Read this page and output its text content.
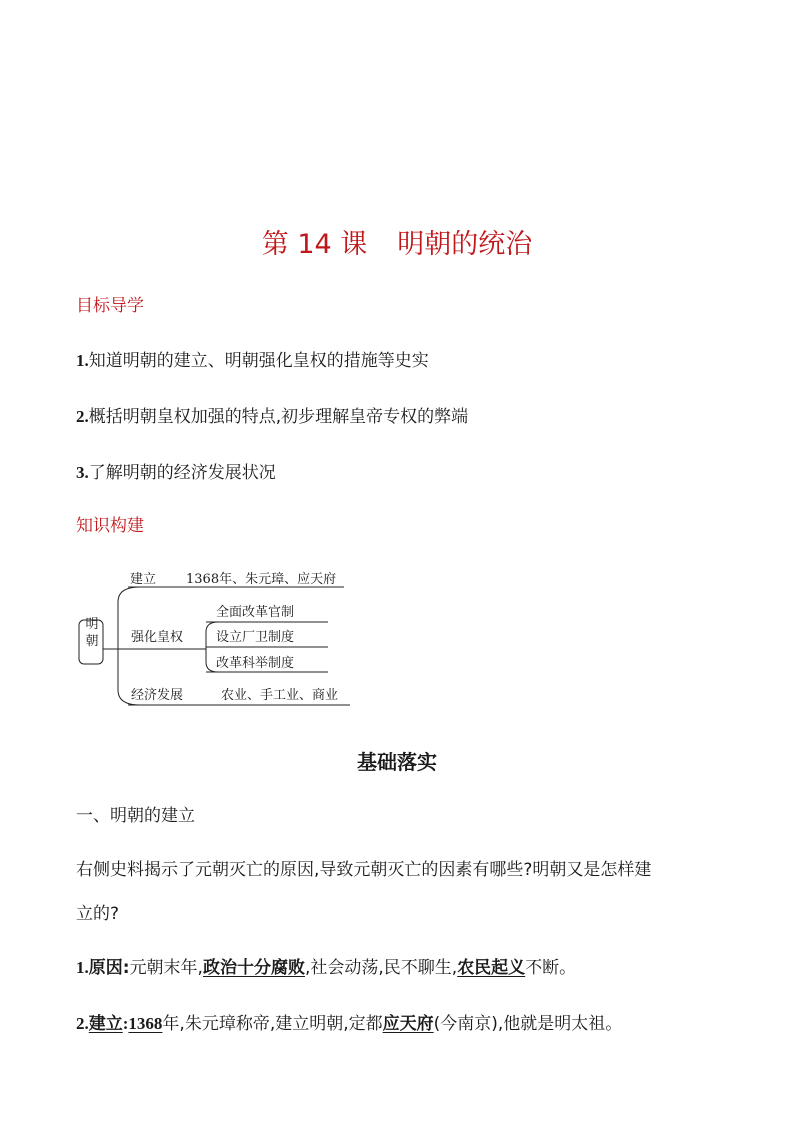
第 14 课 明朝的统治
目标导学
1.知道明朝的建立、明朝强化皇权的措施等史实
2.概括明朝皇权加强的特点,初步理解皇帝专权的弊端
3.了解明朝的经济发展状况
知识构建
明朝
建立 1368年、朱元璋、应天府
强化皇权
全面改革官制
设立厂卫制度
改革科举制度
经济发展	农业、手工业、商业
基础落实
一、明朝的建立
右侧史料揭示了元朝灭亡的原因,导致元朝灭亡的因素有哪些?明朝又是怎样建
立的?
1.原因:元朝末年,政治十分腐败,社会动荡,民不聊生,农民起义不断。
2.建立:1368年,朱元璋称帝,建立明朝,定都应天府(今南京),他就是明太祖。
